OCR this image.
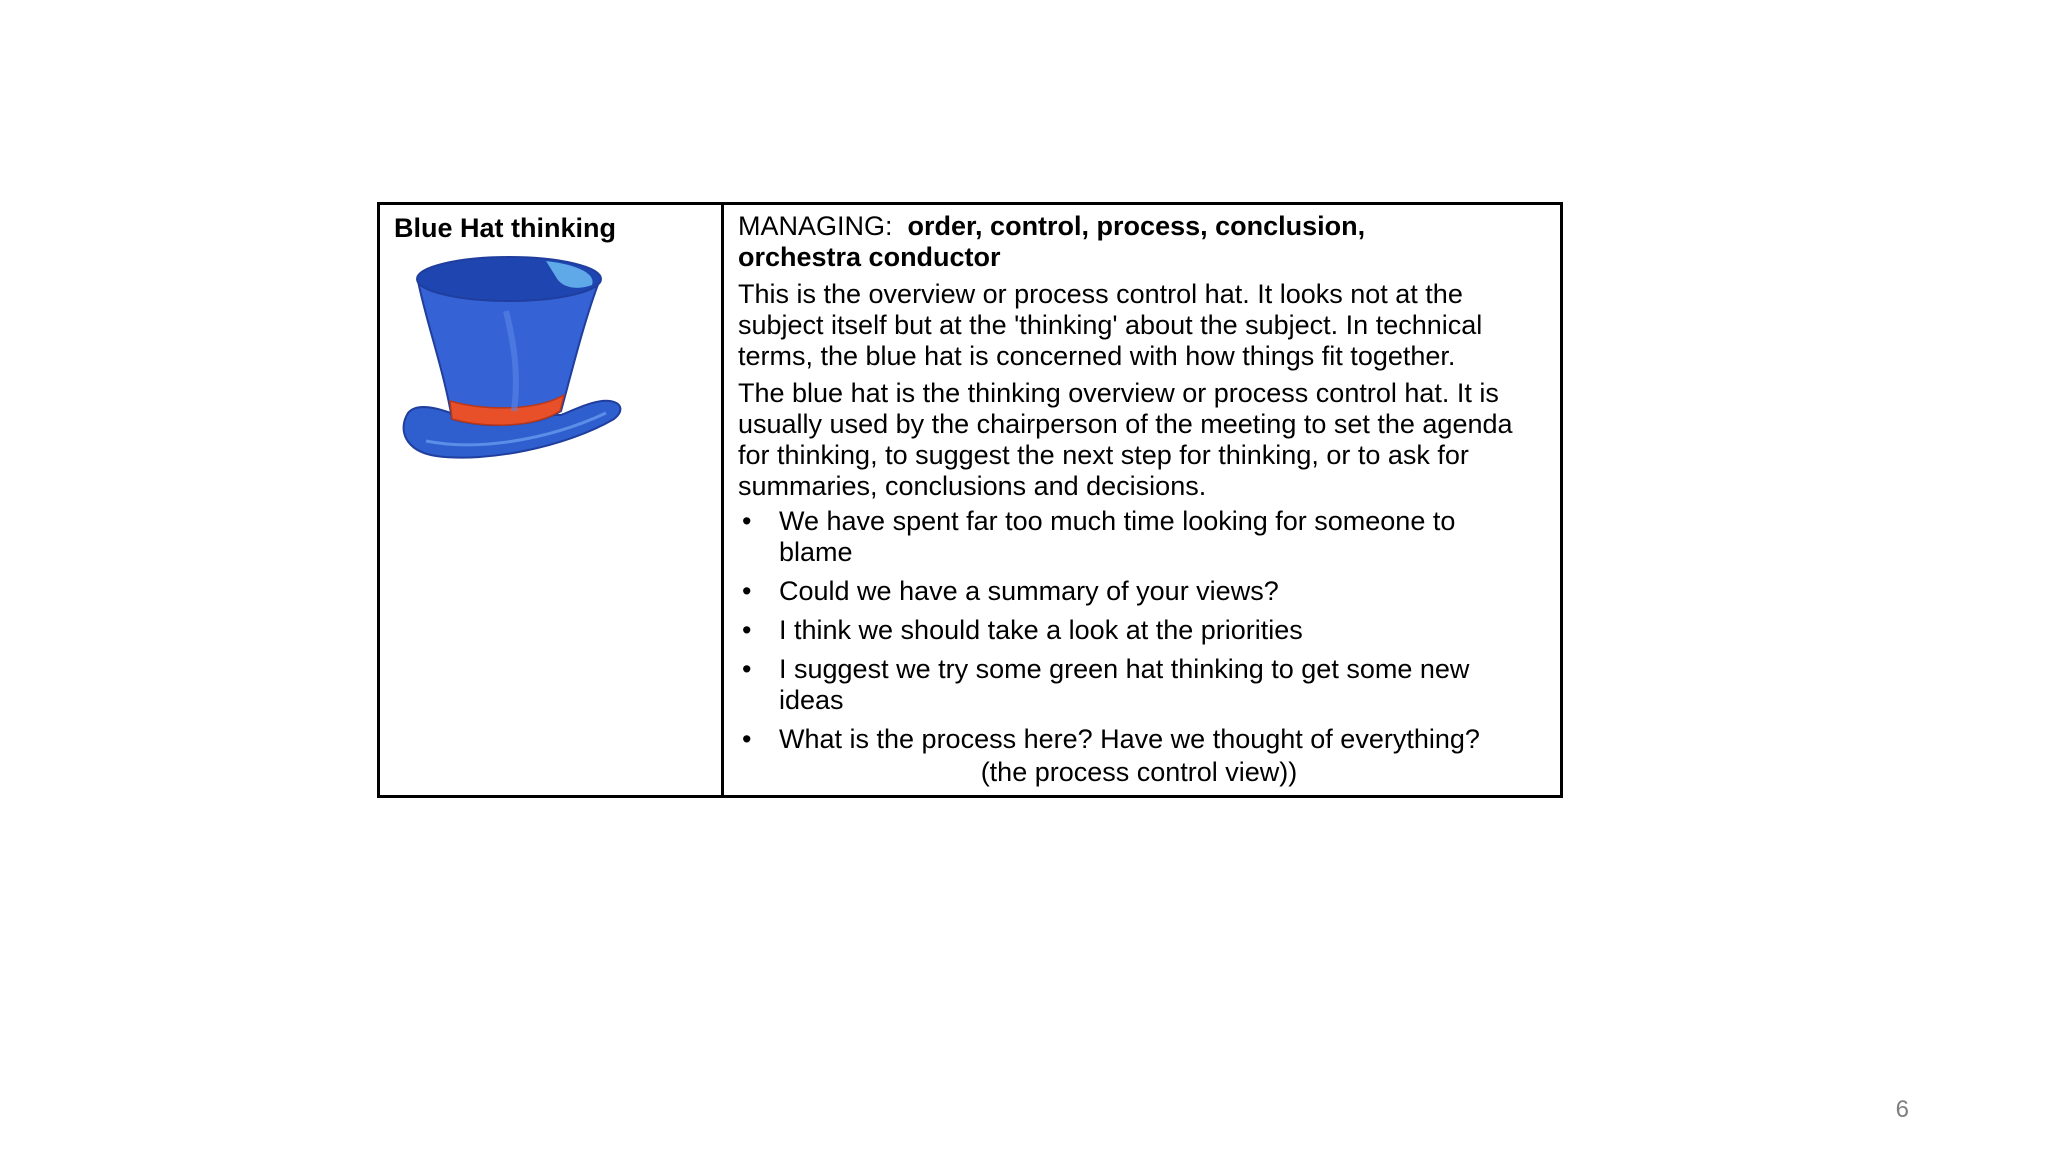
Blue Hat thinking	MANAGING: order, control, process, conclusion,
orchestra conductor
This is the overview or process control hat. It looks not at the
subject itself but at the 'thinking' about the subject. In technical
terms, the blue hat is concerned with how things fit together.
The blue hat is the thinking overview or process control hat. It is
usually used by the chairperson of the meeting to set the agenda
for thinking, to suggest the next step for thinking, or to ask for
summaries, conclusions and decisions.
• We have spent far too much time looking for someone to
blame
• Could we have a summary of your views?
• I think we should take a look at the priorities
• I suggest we try some green hat thinking to get some new
ideas
• What is the process here? Have we thought of everything?
(the process control view))
6
